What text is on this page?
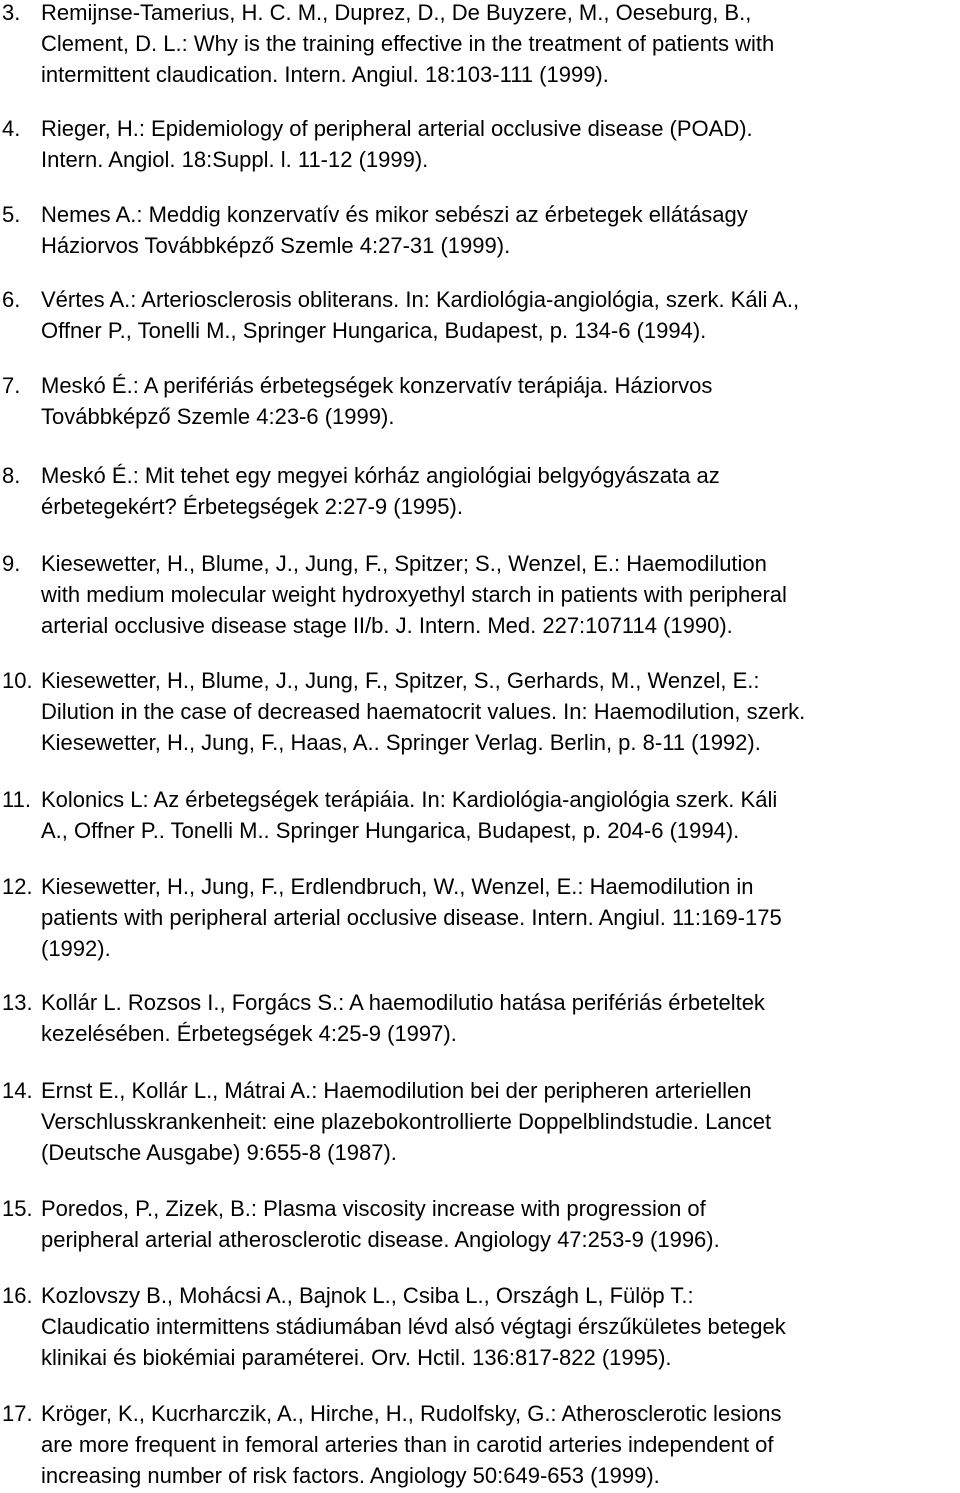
3. Remijnse-Tamerius, H. C. M., Duprez, D., De Buyzere, M., Oeseburg, B.,
Clement, D. L.: Why is the training effective in the treatment of patients with
intermittent claudication. Intern. Angiul. 18:103-111 (1999).
4. Rieger, H.: Epidemiology of peripheral arterial occlusive disease (POAD).
Intern. Angiol. 18:Suppl. l. 11-12 (1999).
5. Nemes A.: Meddig konzervatív és mikor sebészi az érbetegek ellátásagy
Háziorvos Továbbképző Szemle 4:27-31 (1999).
6. Vértes A.: Arteriosclerosis obliterans. In: Kardiológia-angiológia, szerk. Káli A.,
Offner P., Tonelli M., Springer Hungarica, Budapest, p. 134-6 (1994).
7. Meskó É.: A perifériás érbetegségek konzervatív terápiája. Háziorvos
Továbbképző Szemle 4:23-6 (1999).
8. Meskó É.: Mit tehet egy megyei kórház angiológiai belgyógyászata az
érbetegekért? Érbetegségek 2:27-9 (1995).
9. Kiesewetter, H., Blume, J., Jung, F., Spitzer; S., Wenzel, E.: Haemodilution
with medium molecular weight hydroxyethyl starch in patients with peripheral
arterial occlusive disease stage II/b. J. Intern. Med. 227:107114 (1990).
10. Kiesewetter, H., Blume, J., Jung, F., Spitzer, S., Gerhards, M., Wenzel, E.:
Dilution in the case of decreased haematocrit values. In: Haemodilution, szerk.
Kiesewetter, H., Jung, F., Haas, A.. Springer Verlag. Berlin, p. 8-11 (1992).
11. Kolonics L: Az érbetegségek terápiáia. In: Kardiológia-angiológia szerk. Káli
A., Offner P.. Tonelli M.. Springer Hungarica, Budapest, p. 204-6 (1994).
12. Kiesewetter, H., Jung, F., Erdlendbruch, W., Wenzel, E.: Haemodilution in
patients with peripheral arterial occlusive disease. Intern. Angiul. 11:169-175
(1992).
13. Kollár L. Rozsos I., Forgács S.: A haemodilutio hatása perifériás érbeteltek
kezelésében. Érbetegségek 4:25-9 (1997).
14. Ernst E., Kollár L., Mátrai A.: Haemodilution bei der peripheren arteriellen
Verschlusskrankenheit: eine plazebokontrollierte Doppelblindstudie. Lancet
(Deutsche Ausgabe) 9:655-8 (1987).
15. Poredos, P., Zizek, B.: Plasma viscosity increase with progression of
peripheral arterial atherosclerotic disease. Angiology 47:253-9 (1996).
16. Kozlovszy B., Mohácsi A., Bajnok L., Csiba L., Országh L, Fülöp T.:
Claudicatio intermittens stádiumában lévd alsó végtagi érszűkületes betegek
klinikai és biokémiai paraméterei. Orv. Hctil. 136:817-822 (1995).
17. Kröger, K., Kucrharczik, A., Hirche, H., Rudolfsky, G.: Atherosclerotic lesions
are more frequent in femoral arteries than in carotid arteries independent of
increasing number of risk factors. Angiology 50:649-653 (1999).
